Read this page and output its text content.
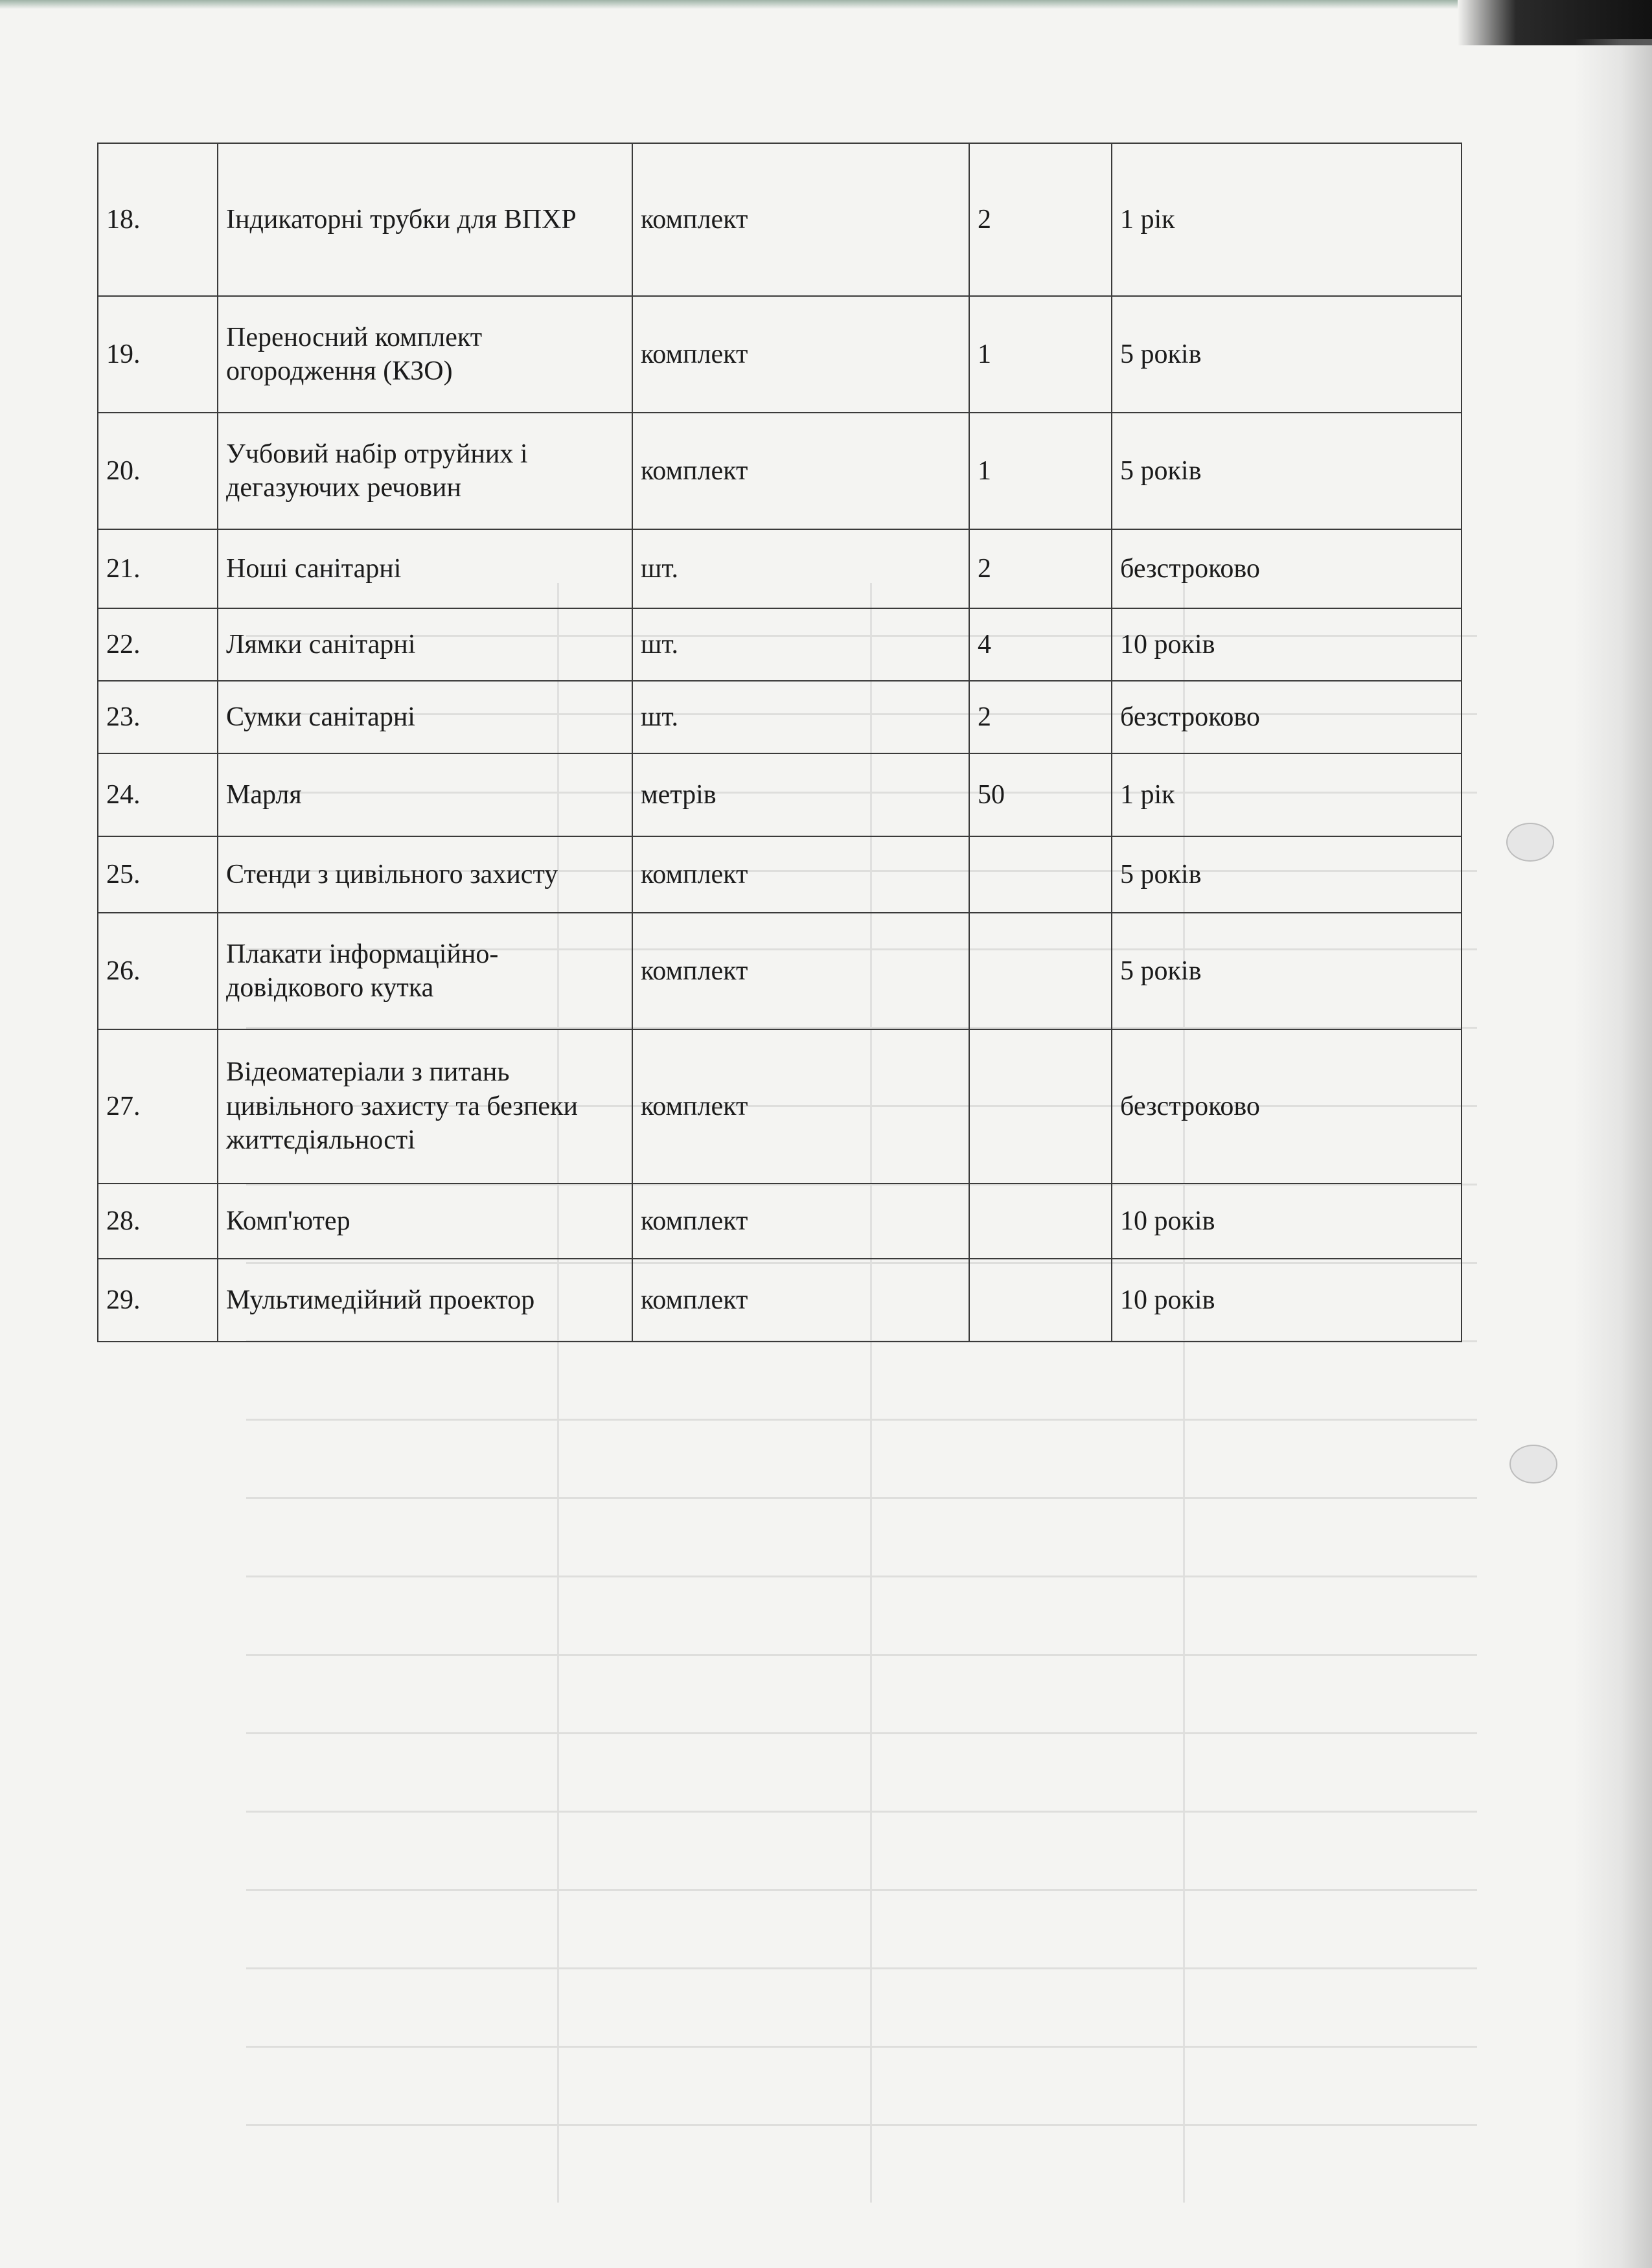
18.	Індикаторні трубки для ВПХР	комплект	2	1 рік
19.	Переносний комплект огородження (КЗО)	комплект	1	5 років
20.	Учбовий набір отруйних і дегазуючих речовин	комплект	1	5 років
21.	Ноші санітарні	шт.	2	безстроково
22.	Лямки санітарні	шт.	4	10 років
23.	Сумки санітарні	шт.	2	безстроково
24.	Марля	метрів	50	1 рік
25.	Стенди з цивільного захисту	комплект		5 років
26.	Плакати інформаційно-довідкового кутка	комплект		5 років
27.	Відеоматеріали з питань цивільного захисту та безпеки життєдіяльності	комплект		безстроково
28.	Комп'ютер	комплект		10 років
29.	Мультимедійний проектор	комплект		10 років
